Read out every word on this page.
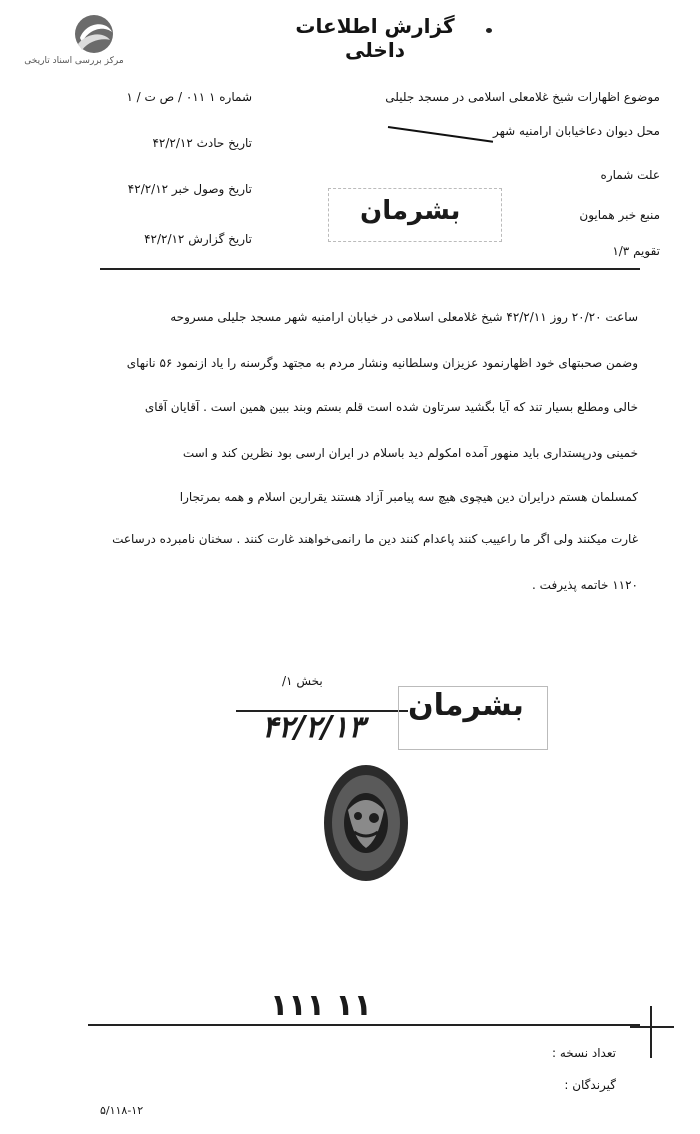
مرکز بررسی اسناد تاریخی
گزارش اطلاعات داخلی
موضوع اظهارات شیخ غلامعلی اسلامی در مسجد جلیلی
محل دیوان دعاخیابان ارامنیه شهر
علت شماره
منبع خبر همایون
تقویم ۱/۳
شماره ۱ ۰۱۱ / ص ت / ۱
تاریخ حادث ۴۲/۲/۱۲
تاریخ وصول خبر ۴۲/۲/۱۲
تاریخ گزارش ۴۲/۲/۱۲
بشرمان
ساعت ۲۰/۲۰ روز ۴۲/۲/۱۱ شیخ غلامعلی اسلامی در خیابان ارامنیه شهر مسجد جلیلی مسروحه
وضمن صحبتهای خود اظهارنمود عزیزان وسلطانیه ونشار مردم به مجتهد وگرسنه را یاد ازنمود ۵۶ نانهای
خالی ومطلع بسیار تند که آیا بگشید سرتاون شده است قلم بستم وبند ببین همین است . آقایان آقای
خمینی ودرپستداری باید منهور آمده امکولم دید باسلام در ایران ارسی بود نظرین کند و است
کمسلمان هستم درایران دین هیچوی هیچ سه پیامبر آزاد هستند یقرارین اسلام و همه بمرتجارا
غارت میکنند ولی اگر ما راعییب کنند پاعدام کنند دین ما رانمی‌خواهند غارت کنند . سخنان نامبرده درساعت
۱۱۲۰ خاتمه پذیرفت .
بخش ۱/
بشرمان
۴۲/۲/۱۳
۱۱۱ ۱۱
تعداد نسخه :
گیرندگان :
۵/۱۱۸-۱۲
